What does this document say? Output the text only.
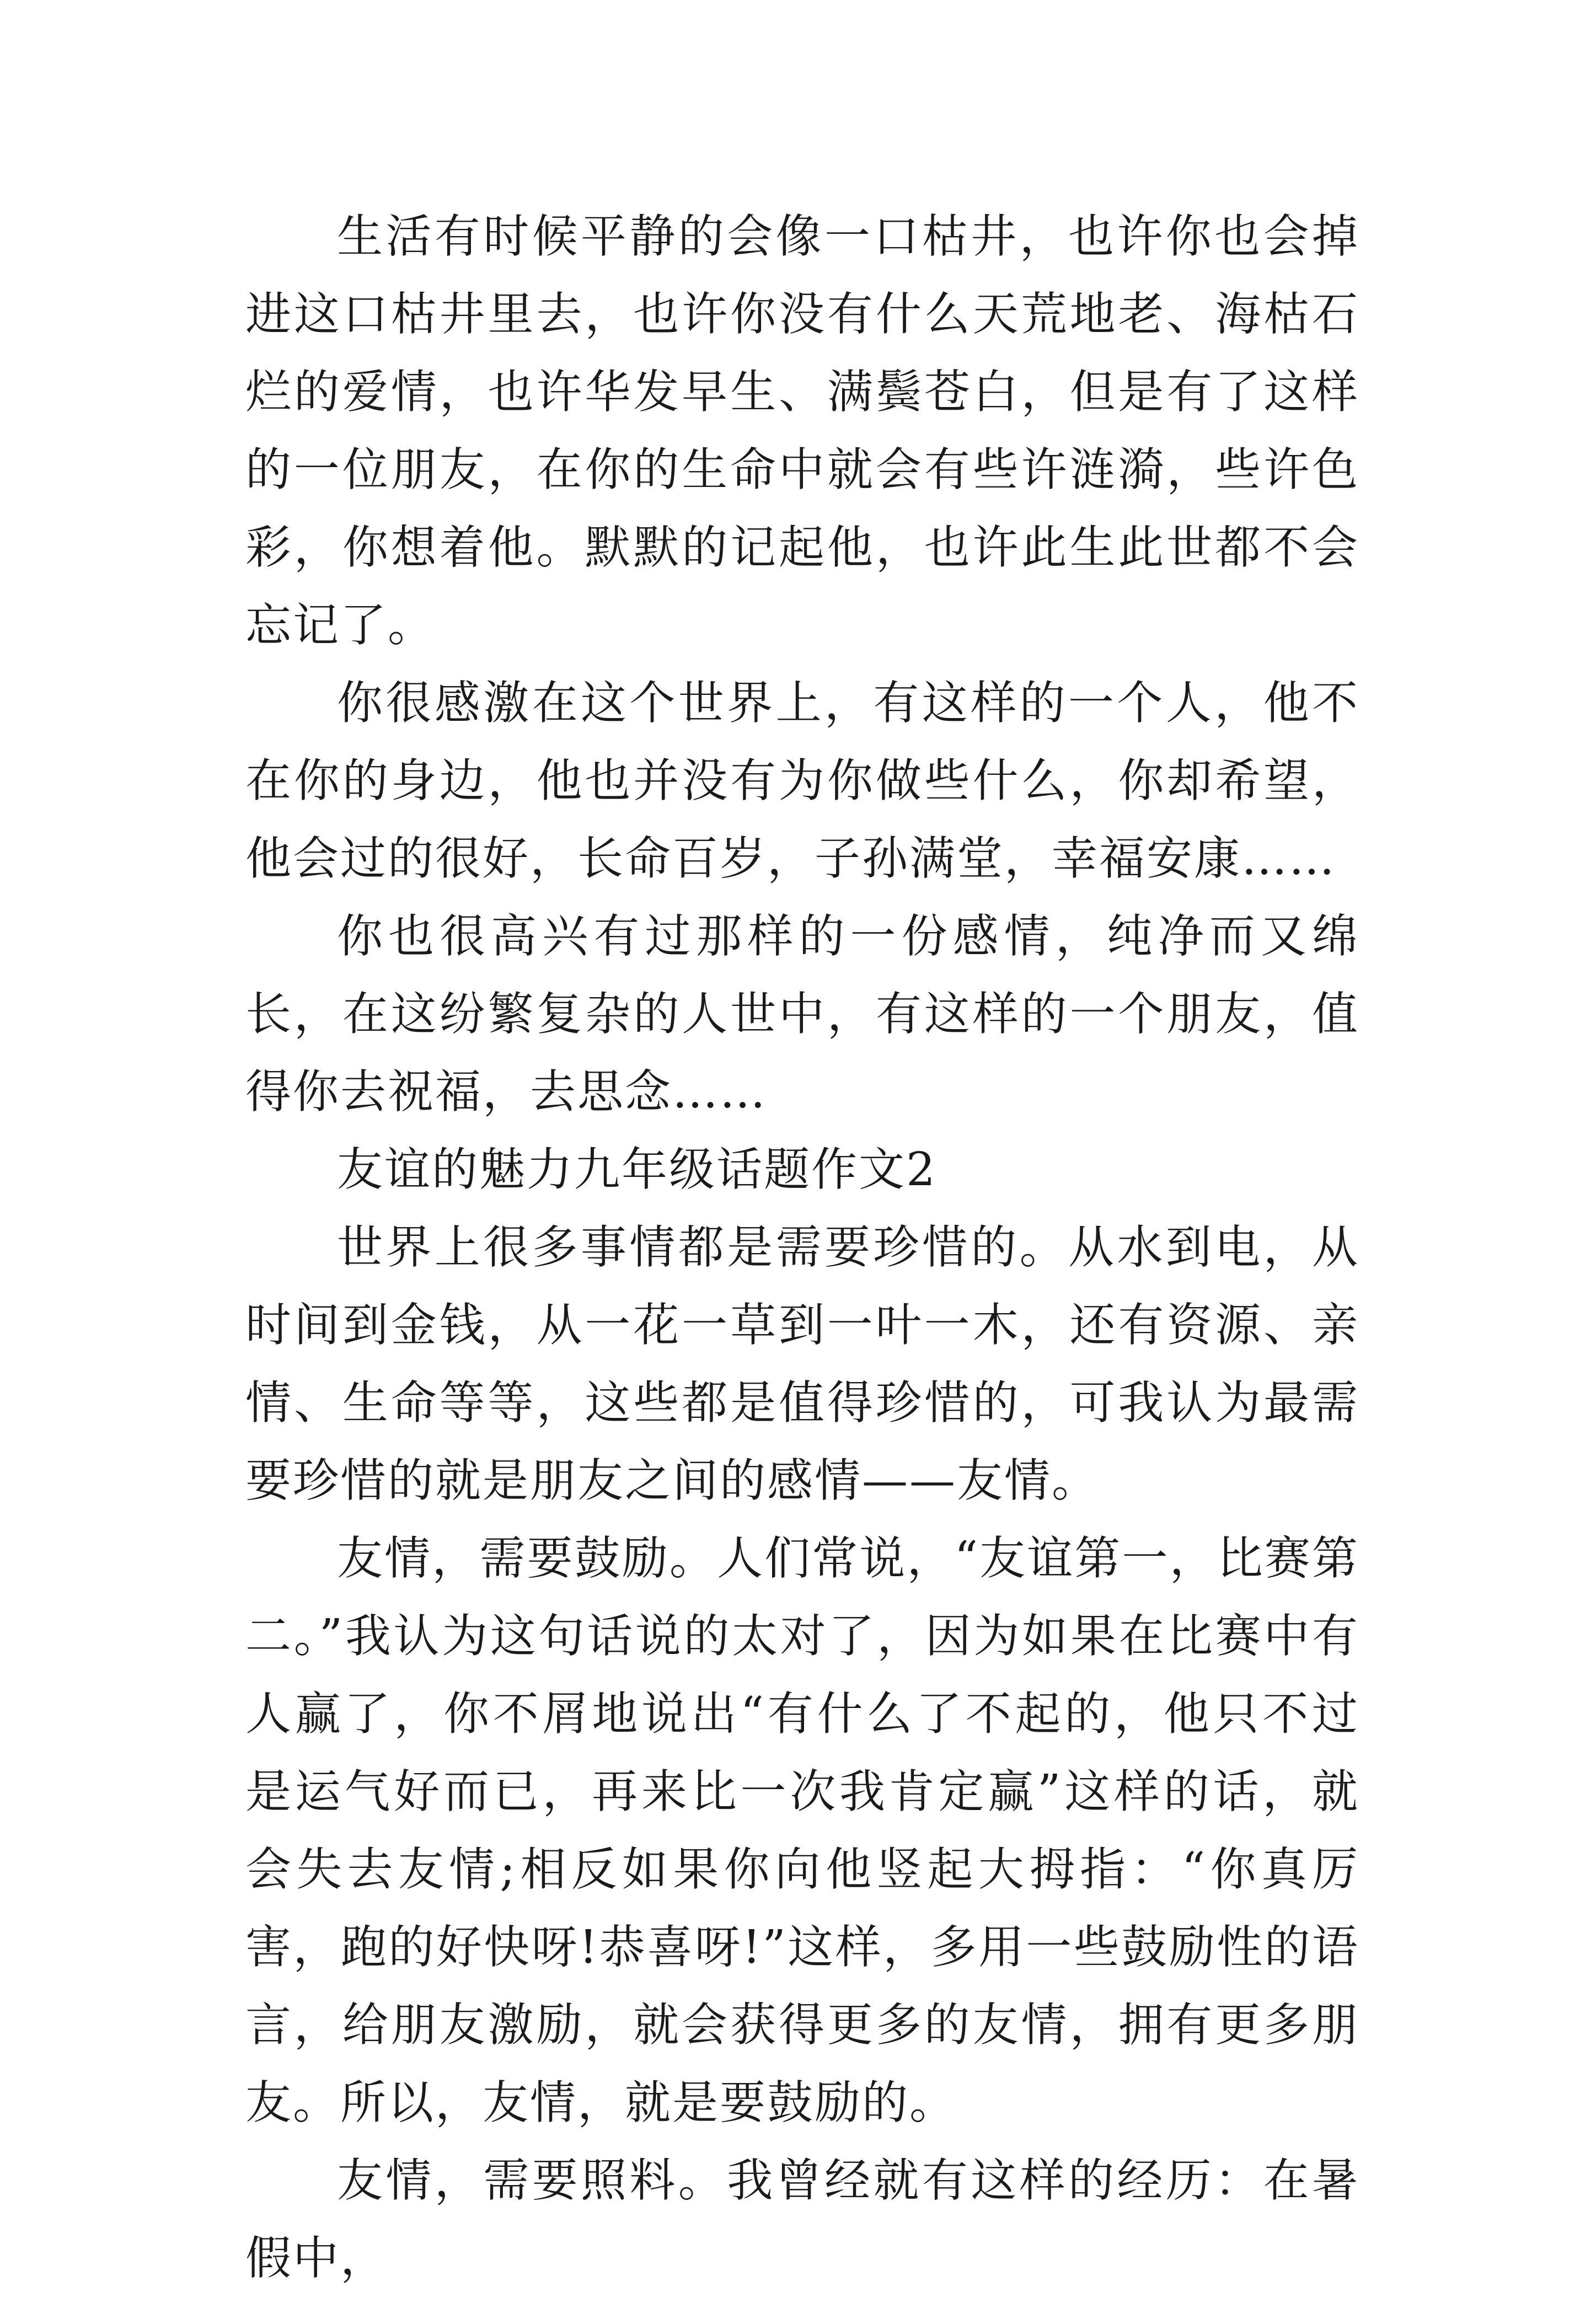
生活有时候平静的会像一口枯井，也许你也会掉进这口枯井里去，也许你没有什么天荒地老、海枯石烂的爱情，也许华发早生、满鬓苍白，但是有了这样的一位朋友，在你的生命中就会有些许涟漪，些许色彩，你想着他。默默的记起他，也许此生此世都不会忘记了。

你很感激在这个世界上，有这样的一个人，他不在你的身边，他也并没有为你做些什么，你却希望，他会过的很好，长命百岁，子孙满堂，幸福安康……

你也很高兴有过那样的一份感情，纯净而又绵长，在这纷繁复杂的人世中，有这样的一个朋友，值得你去祝福，去思念……

友谊的魅力九年级话题作文2

世界上很多事情都是需要珍惜的。从水到电，从时间到金钱，从一花一草到一叶一木，还有资源、亲情、生命等等，这些都是值得珍惜的，可我认为最需要珍惜的就是朋友之间的感情——友情。

友情，需要鼓励。人们常说，“友谊第一，比赛第二。”我认为这句话说的太对了，因为如果在比赛中有人赢了，你不屑地说出“有什么了不起的，他只不过是运气好而已，再来比一次我肯定赢”这样的话，就会失去友情;相反如果你向他竖起大拇指：“你真厉害，跑的好快呀!恭喜呀!”这样，多用一些鼓励性的语言，给朋友激励，就会获得更多的友情，拥有更多朋友。所以，友情，就是要鼓励的。

友情，需要照料。我曾经就有这样的经历：在暑假中，
